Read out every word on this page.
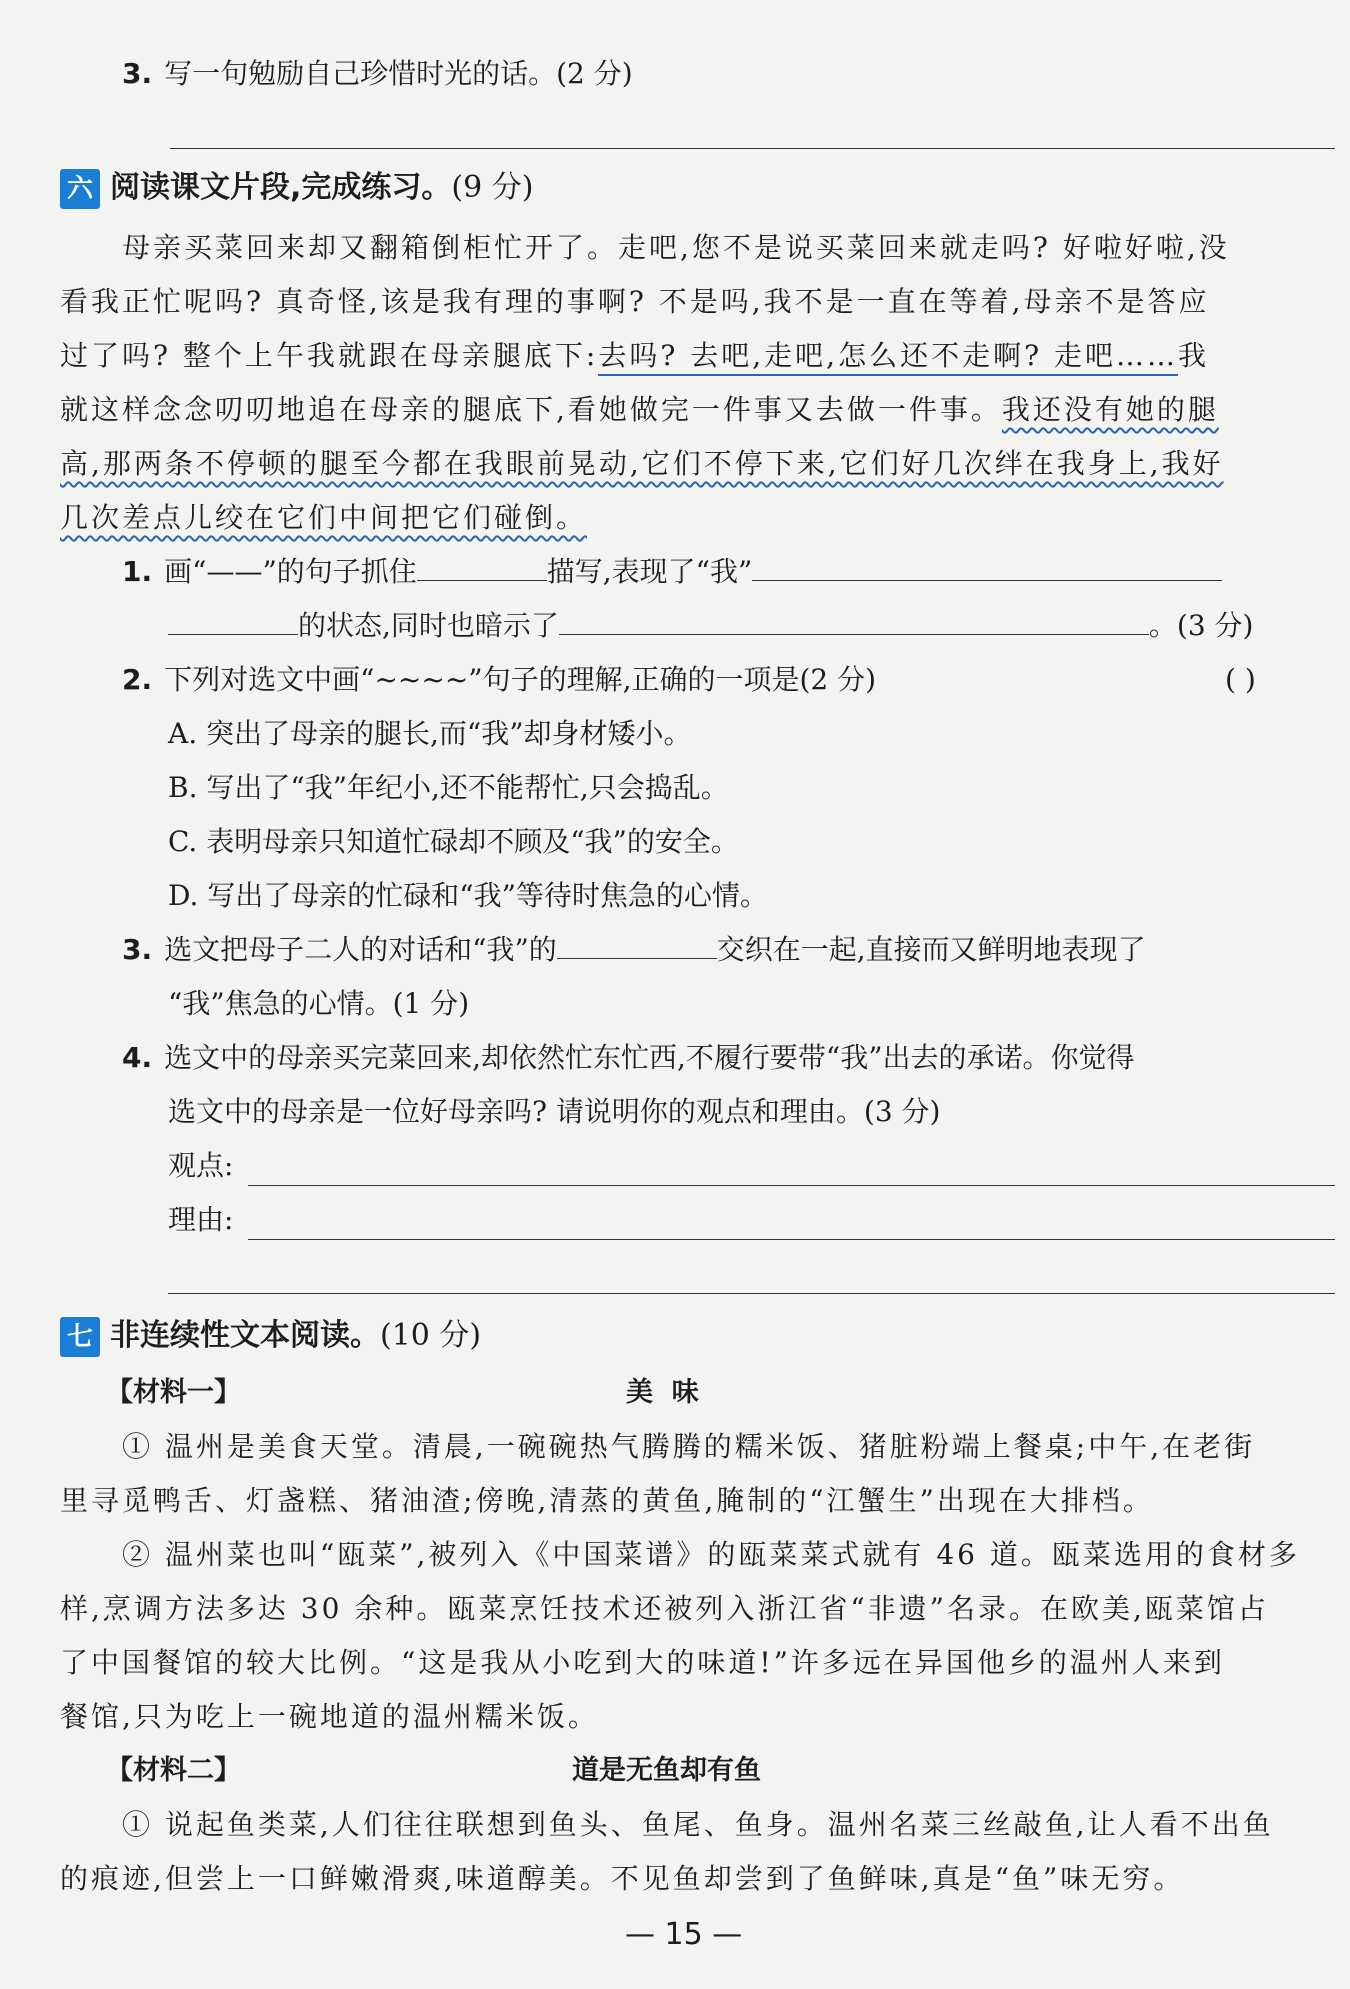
3. 写一句勉励自己珍惜时光的话。(2 分)
六 阅读课文片段,完成练习。(9 分)
母亲买菜回来却又翻箱倒柜忙开了。走吧,您不是说买菜回来就走吗? 好啦好啦,没
看我正忙呢吗? 真奇怪,该是我有理的事啊? 不是吗,我不是一直在等着,母亲不是答应
过了吗? 整个上午我就跟在母亲腿底下:去吗? 去吧,走吧,怎么还不走啊? 走吧……我
就这样念念叨叨地追在母亲的腿底下,看她做完一件事又去做一件事。我还没有她的腿
高,那两条不停顿的腿至今都在我眼前晃动,它们不停下来,它们好几次绊在我身上,我好
几次差点儿绞在它们中间把它们碰倒。
1. 画“——”的句子抓住	描写,表现了“我”
的状态,同时也暗示了	。(3 分)
2. 下列对选文中画“~~~~”句子的理解,正确的一项是(2 分)	( )
A. 突出了母亲的腿长,而“我”却身材矮小。
B. 写出了“我”年纪小,还不能帮忙,只会捣乱。
C. 表明母亲只知道忙碌却不顾及“我”的安全。
D. 写出了母亲的忙碌和“我”等待时焦急的心情。
3. 选文把母子二人的对话和“我”的	交织在一起,直接而又鲜明地表现了
“我”焦急的心情。(1 分)
4. 选文中的母亲买完菜回来,却依然忙东忙西,不履行要带“我”出去的承诺。你觉得
选文中的母亲是一位好母亲吗? 请说明你的观点和理由。(3 分)
观点:
理由:
七 非连续性文本阅读。(10 分)
【材料一】	美  味
① 温州是美食天堂。清晨,一碗碗热气腾腾的糯米饭、猪脏粉端上餐桌;中午,在老街
里寻觅鸭舌、灯盏糕、猪油渣;傍晚,清蒸的黄鱼,腌制的“江蟹生”出现在大排档。
② 温州菜也叫“瓯菜”,被列入《中国菜谱》的瓯菜菜式就有 46 道。瓯菜选用的食材多
样,烹调方法多达 30 余种。瓯菜烹饪技术还被列入浙江省“非遗”名录。在欧美,瓯菜馆占
了中国餐馆的较大比例。“这是我从小吃到大的味道!”许多远在异国他乡的温州人来到
餐馆,只为吃上一碗地道的温州糯米饭。
【材料二】	道是无鱼却有鱼
① 说起鱼类菜,人们往往联想到鱼头、鱼尾、鱼身。温州名菜三丝敲鱼,让人看不出鱼
的痕迹,但尝上一口鲜嫩滑爽,味道醇美。不见鱼却尝到了鱼鲜味,真是“鱼”味无穷。
— 15 —
